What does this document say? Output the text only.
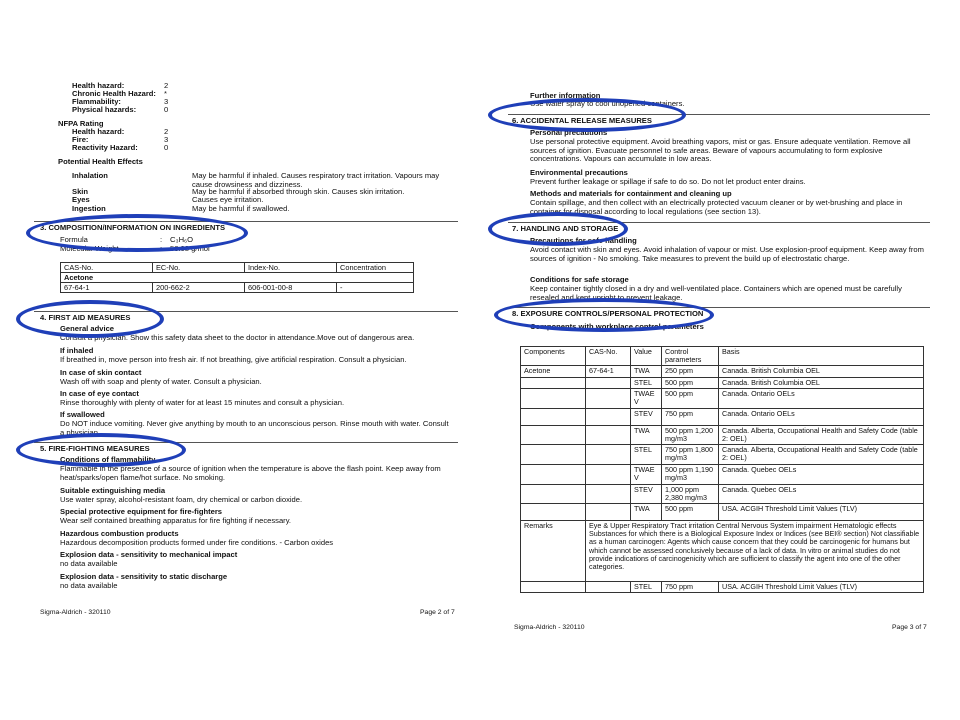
Health hazard:	2
Chronic Health Hazard: *
Flammability:	3
Physical hazards:	0
NFPA Rating
Health hazard:	2
Fire:	3
Reactivity Hazard:	0
Potential Health Effects
Inhalation	May be harmful if inhaled. Causes respiratory tract irritation. Vapours may cause drowsiness and dizziness.
Skin	May be harmful if absorbed through skin. Causes skin irritation.
Eyes	Causes eye irritation.
Ingestion	May be harmful if swallowed.
3. COMPOSITION/INFORMATION ON INGREDIENTS
Formula	: C₃H₆O
Molecular Weight	: 58.08 g/mol
CAS-No.	EC-No.	Index-No.	Concentration
Acetone			
67-64-1	200-662-2	606-001-00-8	-
4. FIRST AID MEASURES
General advice
Consult a physician. Show this safety data sheet to the doctor in attendance.Move out of dangerous area.
If inhaled
If breathed in, move person into fresh air. If not breathing, give artificial respiration. Consult a physician.
In case of skin contact
Wash off with soap and plenty of water. Consult a physician.
In case of eye contact
Rinse thoroughly with plenty of water for at least 15 minutes and consult a physician.
If swallowed
Do NOT induce vomiting. Never give anything by mouth to an unconscious person. Rinse mouth with water. Consult a physician.
5. FIRE-FIGHTING MEASURES
Conditions of flammability
Flammable in the presence of a source of ignition when the temperature is above the flash point. Keep away from heat/sparks/open flame/hot surface. No smoking.
Suitable extinguishing media
Use water spray, alcohol-resistant foam, dry chemical or carbon dioxide.
Special protective equipment for fire-fighters
Wear self contained breathing apparatus for fire fighting if necessary.
Hazardous combustion products
Hazardous decomposition products formed under fire conditions. - Carbon oxides
Explosion data - sensitivity to mechanical impact
no data available
Explosion data - sensitivity to static discharge
no data available
Sigma-Aldrich - 320110	Page 2 of 7
Further information
Use water spray to cool unopened containers.
6. ACCIDENTAL RELEASE MEASURES
Personal precautions
Use personal protective equipment. Avoid breathing vapors, mist or gas. Ensure adequate ventilation. Remove all sources of ignition. Evacuate personnel to safe areas. Beware of vapours accumulating to form explosive concentrations. Vapours can accumulate in low areas.
Environmental precautions
Prevent further leakage or spillage if safe to do so. Do not let product enter drains.
Methods and materials for containment and cleaning up
Contain spillage, and then collect with an electrically protected vacuum cleaner or by wet-brushing and place in container for disposal according to local regulations (see section 13).
7. HANDLING AND STORAGE
Precautions for safe handling
Avoid contact with skin and eyes. Avoid inhalation of vapour or mist. Use explosion-proof equipment. Keep away from sources of ignition - No smoking. Take measures to prevent the build up of electrostatic charge.
Conditions for safe storage
Keep container tightly closed in a dry and well-ventilated place. Containers which are opened must be carefully resealed and kept upright to prevent leakage.
8. EXPOSURE CONTROLS/PERSONAL PROTECTION
Components with workplace control parameters
Components	CAS-No.	Value	Control parameters	Basis
Acetone	67-64-1	TWA	250 ppm	Canada. British Columbia OEL
		STEL	500 ppm	Canada. British Columbia OEL
		TWAE V	500 ppm	Canada. Ontario OELs
		STEV	750 ppm	Canada. Ontario OELs
		TWA	500 ppm 1,200 mg/m3	Canada. Alberta, Occupational Health and Safety Code (table 2: OEL)
		STEL	750 ppm 1,800 mg/m3	Canada. Alberta, Occupational Health and Safety Code (table 2: OEL)
		TWAE V	500 ppm 1,190 mg/m3	Canada. Quebec OELs
		STEV	1,000 ppm 2,380 mg/m3	Canada. Quebec OELs
		TWA	500 ppm	USA. ACGIH Threshold Limit Values (TLV)
Remarks	Eye & Upper Respiratory Tract irritation Central Nervous System impairment Hematologic effects Substances for which there is a Biological Exposure Index or Indices (see BEI® section) Not classifiable as a human carcinogen: Agents which cause concern that they could be carcinogenic for humans but which cannot be assessed conclusively because of a lack of data. In vitro or animal studies do not provide indications of carcinogenicity which are sufficient to classify the agent into one of the other categories.			
		STEL	750 ppm	USA. ACGIH Threshold Limit Values (TLV)
Sigma-Aldrich - 320110	Page 3 of 7
